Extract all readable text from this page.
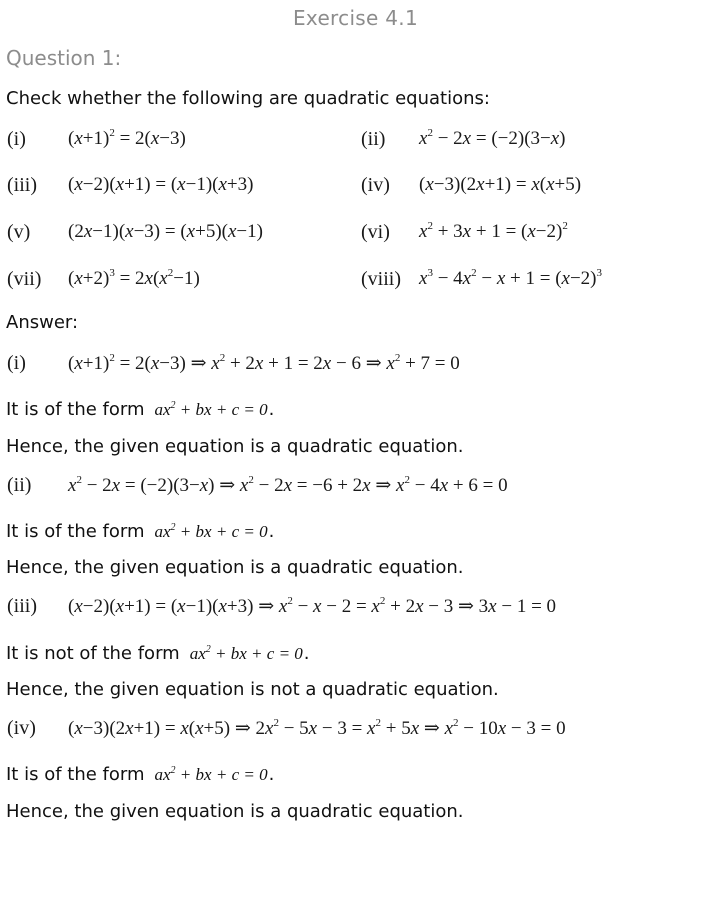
Exercise 4.1
Question 1:
Check whether the following are quadratic equations:
(i) $(x+1)^2 = 2(x-3)$	(ii) $x^2 - 2x = (-2)(3-x)$
(iii) (x−2)(x+1) = (x−1)(x+3)	(iv) (x−3)(2x+1) = x(x+5)
(v) (2x−1)(x−3) = (x+5)(x−1)	(vi) $x^2 + 3x + 1 = (x-2)^2$
(vii) $(x+2)^3 = 2x(x^2-1)$	(viii) $x^3 - 4x^2 - x + 1 = (x-2)^3$
Answer:
(i) $(x+1)^2 = 2(x-3)$ ⇒ $x^2 + 2x + 1 = 2x - 6$ ⇒ $x^2 + 7 = 0$
It is of the form $ax^2$ + bx + c = 0.
Hence, the given equation is a quadratic equation.
(ii) $x^2 - 2x = (-2)(3-x)$ ⇒ $x^2 - 2x = -6 + 2x$ ⇒ $x^2 - 4x + 6 = 0$
It is of the form $ax^2$ + bx + c = 0.
Hence, the given equation is a quadratic equation.
(iii) (x−2)(x+1) = (x−1)(x+3) ⇒ $x^2 - x - 2 = x^2 + 2x - 3$ ⇒ 3x − 1 = 0
It is not of the form $ax^2$ + bx + c = 0.
Hence, the given equation is not a quadratic equation.
(iv) (x−3)(2x+1) = x(x+5) ⇒ $2x^2 - 5x - 3 = x^2 + 5x$ ⇒ $x^2 - 10x - 3 = 0$
It is of the form $ax^2$ + bx + c = 0.
Hence, the given equation is a quadratic equation.
